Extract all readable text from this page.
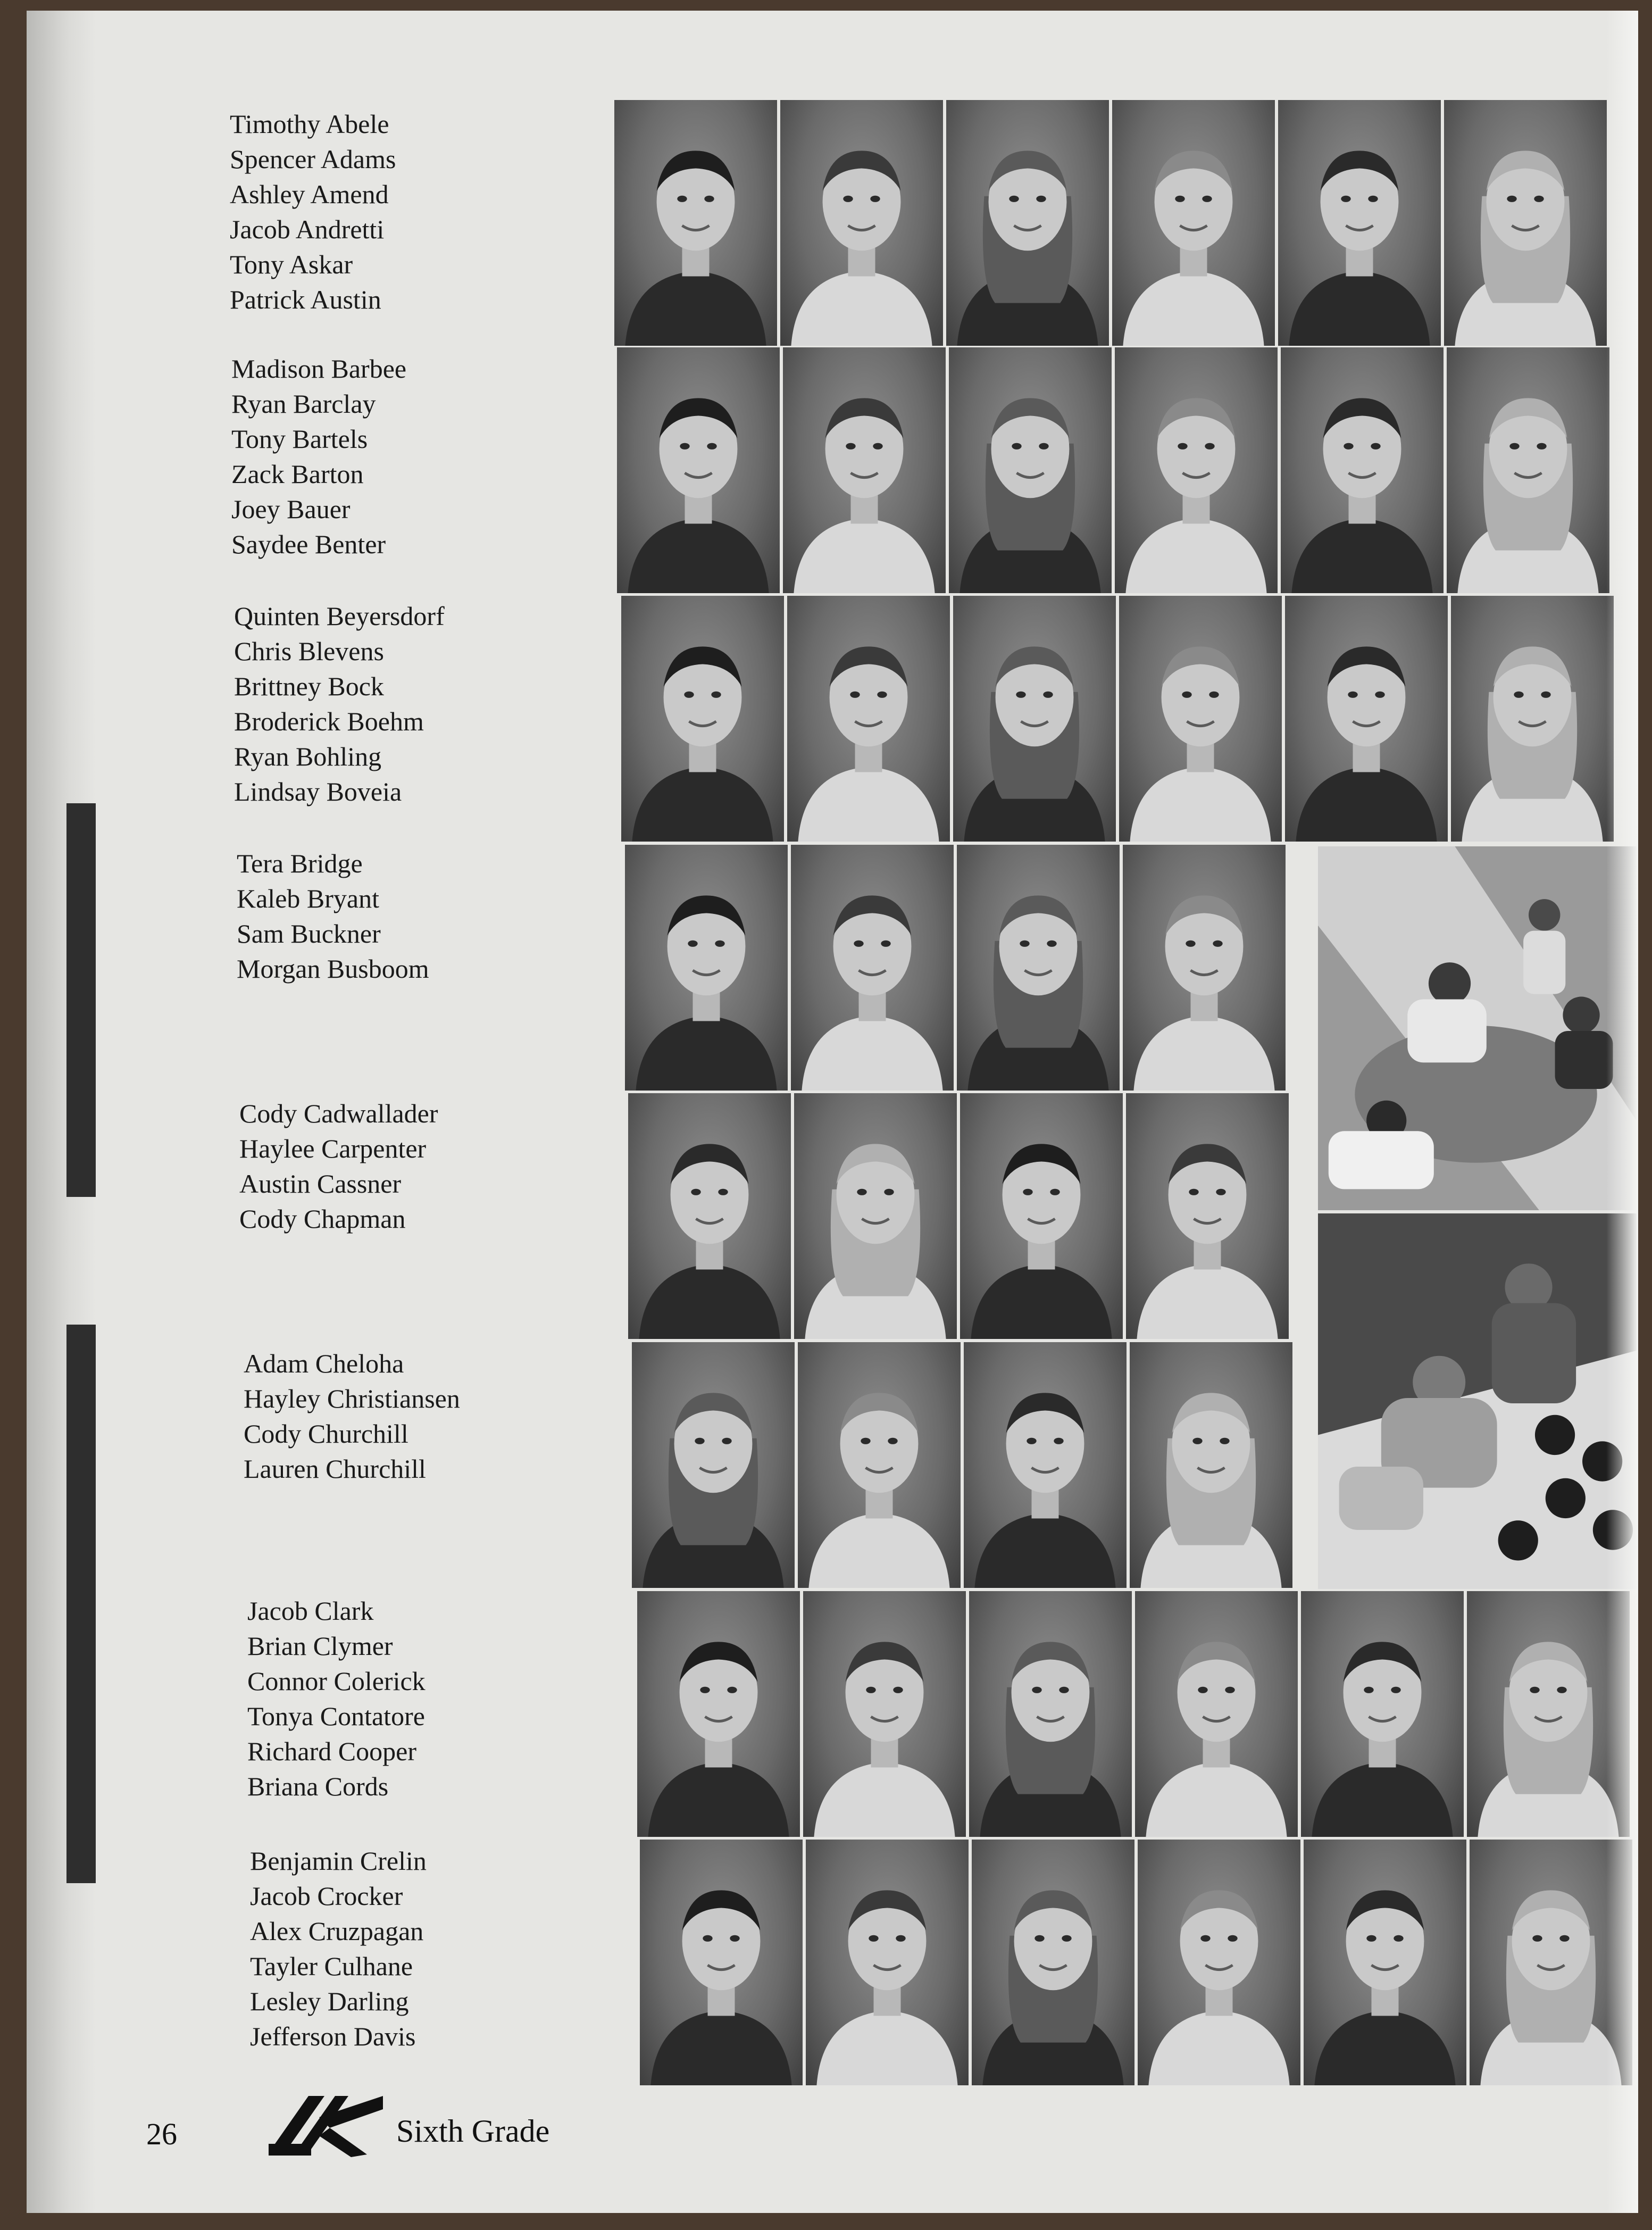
Timothy Abele
Spencer Adams
Ashley Amend
Jacob Andretti
Tony Askar
Patrick Austin
Madison Barbee
Ryan Barclay
Tony Bartels
Zack Barton
Joey Bauer
Saydee Benter
Quinten Beyersdorf
Chris Blevens
Brittney Bock
Broderick Boehm
Ryan Bohling
Lindsay Boveia
Tera Bridge
Kaleb Bryant
Sam Buckner
Morgan Busboom
Cody Cadwallader
Haylee Carpenter
Austin Cassner
Cody Chapman
Adam Cheloha
Hayley Christiansen
Cody Churchill
Lauren Churchill
Jacob Clark
Brian Clymer
Connor Colerick
Tonya Contatore
Richard Cooper
Briana Cords
Benjamin Crelin
Jacob Crocker
Alex Cruzpagan
Tayler Culhane
Lesley Darling
Jefferson Davis
26	Sixth Grade
